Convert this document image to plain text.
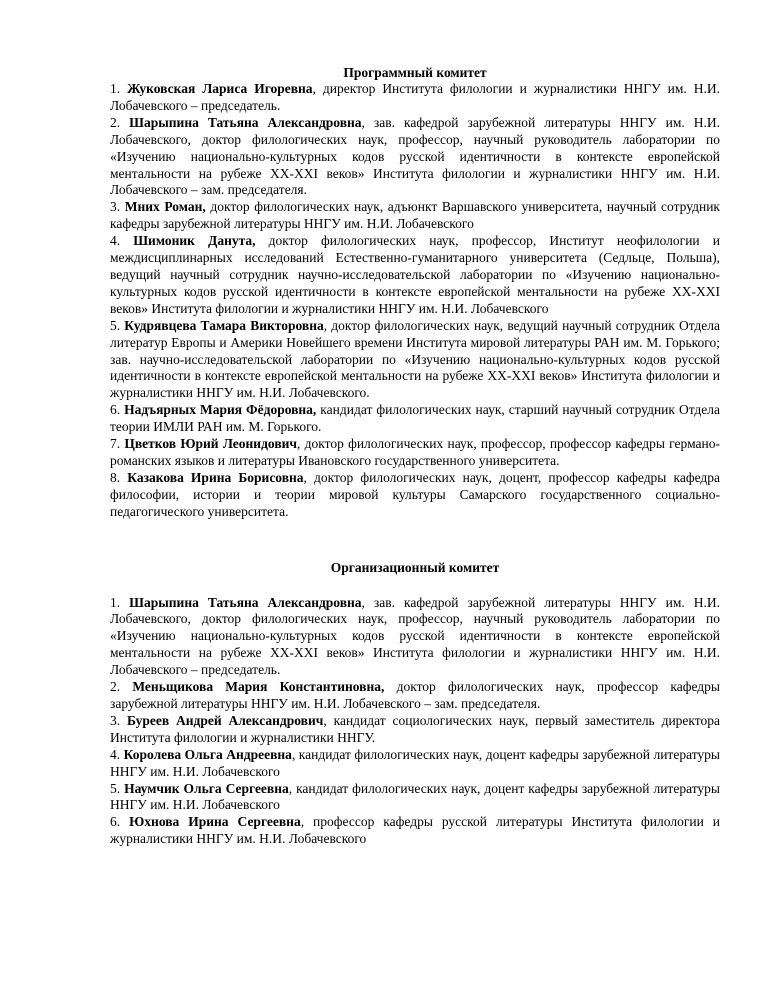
Программный комитет
1. Жуковская Лариса Игоревна, директор Института филологии и журналистики ННГУ им. Н.И. Лобачевского – председатель.
2. Шарыпина Татьяна Александровна, зав. кафедрой зарубежной литературы ННГУ им. Н.И. Лобачевского, доктор филологических наук, профессор, научный руководитель лаборатории по «Изучению национально-культурных кодов русской идентичности в контексте европейской ментальности на рубеже XX-XXI веков» Института филологии и журналистики ННГУ им. Н.И. Лобачевского – зам. председателя.
3. Мних Роман, доктор филологических наук, адъюнкт Варшавского университета, научный сотрудник кафедры зарубежной литературы ННГУ им. Н.И. Лобачевского
4. Шимоник Данута, доктор филологических наук, профессор, Институт неофилологии и междисциплинарных исследований Естественно-гуманитарного университета (Седльце, Польша), ведущий научный сотрудник научно-исследовательской лаборатории по «Изучению национально-культурных кодов русской идентичности в контексте европейской ментальности на рубеже XX-XXI веков» Института филологии и журналистики ННГУ им. Н.И. Лобачевского
5. Кудрявцева Тамара Викторовна, доктор филологических наук, ведущий научный сотрудник Отдела литератур Европы и Америки Новейшего времени Института мировой литературы РАН им. М. Горького; зав. научно-исследовательской лаборатории по «Изучению национально-культурных кодов русской идентичности в контексте европейской ментальности на рубеже XX-XXI веков» Института филологии и журналистики ННГУ им. Н.И. Лобачевского.
6. Надъярных Мария Фёдоровна, кандидат филологических наук, старший научный сотрудник Отдела теории ИМЛИ РАН им. М. Горького.
7. Цветков Юрий Леонидович, доктор филологических наук, профессор, профессор кафедры германо-романских языков и литературы Ивановского государственного университета.
8. Казакова Ирина Борисовна, доктор филологических наук, доцент, профессор кафедры кафедра философии, истории и теории мировой культуры Самарского государственного социально-педагогического университета.
Организационный комитет
1. Шарыпина Татьяна Александровна, зав. кафедрой зарубежной литературы ННГУ им. Н.И. Лобачевского, доктор филологических наук, профессор, научный руководитель лаборатории по «Изучению национально-культурных кодов русской идентичности в контексте европейской ментальности на рубеже XX-XXI веков» Института филологии и журналистики ННГУ им. Н.И. Лобачевского – председатель.
2. Меньщикова Мария Константиновна, доктор филологических наук, профессор кафедры зарубежной литературы ННГУ им. Н.И. Лобачевского – зам. председателя.
3. Буреев Андрей Александрович, кандидат социологических наук, первый заместитель директора Института филологии и журналистики ННГУ.
4. Королева Ольга Андреевна, кандидат филологических наук, доцент кафедры зарубежной литературы ННГУ им. Н.И. Лобачевского
5. Наумчик Ольга Сергеевна, кандидат филологических наук, доцент кафедры зарубежной литературы ННГУ им. Н.И. Лобачевского
6. Юхнова Ирина Сергеевна, профессор кафедры русской литературы Института филологии и журналистики ННГУ им. Н.И. Лобачевского
